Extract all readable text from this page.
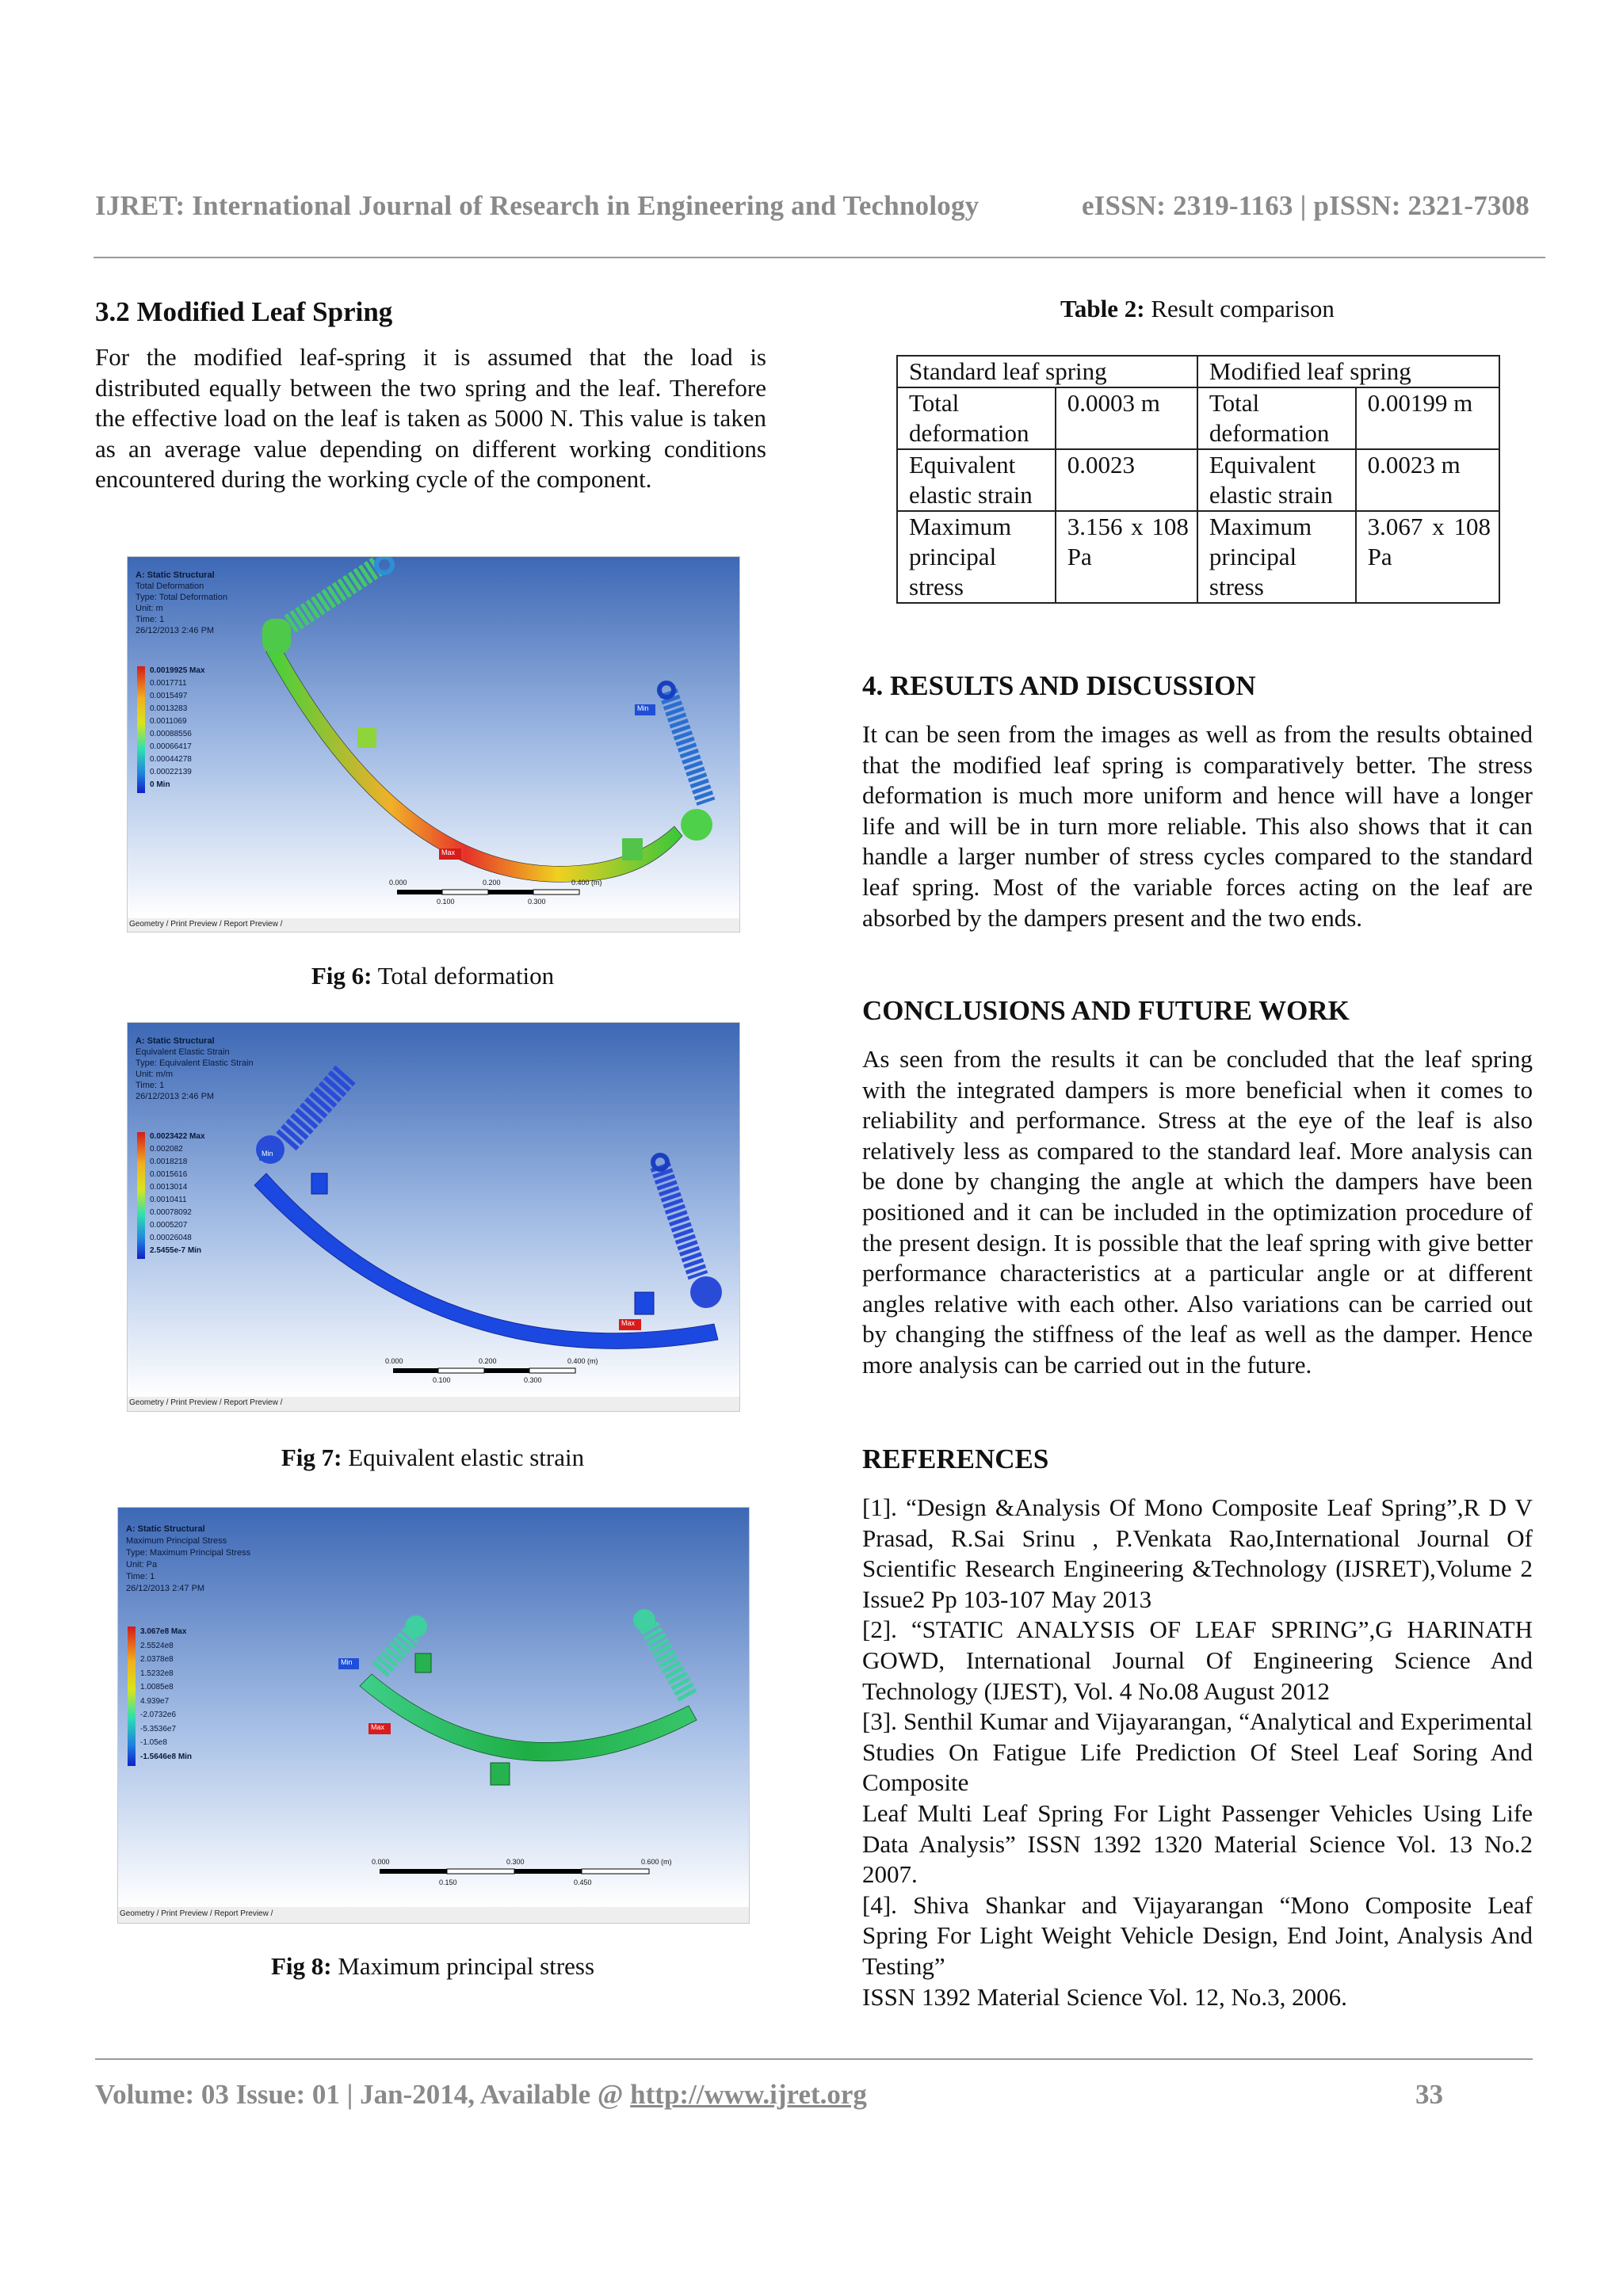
IJRET: International Journal of Research in Engineering and Technology	eISSN: 2319-1163 | pISSN: 2321-7308
3.2 Modified Leaf Spring
For the modified leaf-spring it is assumed that the load is distributed equally between the two spring and the leaf. Therefore the effective load on the leaf is taken as 5000 N. This value is taken as an average value depending on different working conditions encountered during the working cycle of the component.
A: Static Structural
Total Deformation
Type: Total Deformation
Unit: m
Time: 1
26/12/2013 2:46 PM
0.0019925 Max
0.0017711
0.0015497
0.0013283
0.0011069
0.00088556
0.00066417
0.00044278
0.00022139
0 Min
Min
Max
0.000	0.200	0.400 (m)
0.100	0.300
Geometry / Print Preview / Report Preview /
Fig 6: Total deformation
A: Static Structural
Equivalent Elastic Strain
Type: Equivalent Elastic Strain
Unit: m/m
Time: 1
26/12/2013 2:46 PM
0.0023422 Max
0.002082
0.0018218
0.0015616
0.0013014
0.0010411
0.00078092
0.0005207
0.00026048
2.5455e-7 Min
Min
Max
0.000	0.200	0.400 (m)
0.100	0.300
Geometry / Print Preview / Report Preview /
Fig 7: Equivalent elastic strain
A: Static Structural
Maximum Principal Stress
Type: Maximum Principal Stress
Unit: Pa
Time: 1
26/12/2013 2:47 PM
3.067e8 Max
2.5524e8
2.0378e8
1.5232e8
1.0085e8
4.939e7
-2.0732e6
-5.3536e7
-1.05e8
-1.5646e8 Min
Min
Max
0.000	0.300	0.600 (m)
0.150	0.450
Geometry / Print Preview / Report Preview /
Fig 8: Maximum principal stress
Table 2: Result comparison
Standard leaf spring		Modified leaf spring	
Total deformation	0.0003 m	Total deformation	0.00199 m
Equivalent elastic strain	0.0023	Equivalent elastic strain	0.0023 m
Maximum principal stress	3.156 x 108 Pa	Maximum principal stress	3.067 x 108 Pa
4. RESULTS AND DISCUSSION
It can be seen from the images as well as from the results obtained that the modified leaf spring is comparatively better. The stress deformation is much more uniform and hence will have a longer life and will be in turn more reliable. This also shows that it can handle a larger number of stress cycles compared to the standard leaf spring. Most of the variable forces acting on the leaf are absorbed by the dampers present and the two ends.
CONCLUSIONS AND FUTURE WORK
As seen from the results it can be concluded that the leaf spring with the integrated dampers is more beneficial when it comes to reliability and performance. Stress at the eye of the leaf is also relatively less as compared to the standard leaf. More analysis can be done by changing the angle at which the dampers have been positioned and it can be included in the optimization procedure of the present design. It is possible that the leaf spring with give better performance characteristics at a particular angle or at different angles relative with each other. Also variations can be carried out by changing the stiffness of the leaf as well as the damper. Hence more analysis can be carried out in the future.
REFERENCES
[1]. “Design &Analysis Of Mono Composite Leaf Spring”,R D V Prasad, R.Sai Srinu , P.Venkata Rao,International Journal Of Scientific Research Engineering &Technology (IJSRET),Volume 2 Issue2 Pp 103-107 May 2013
[2]. “STATIC ANALYSIS OF LEAF SPRING”,G HARINATH GOWD, International Journal Of Engineering Science And Technology (IJEST), Vol. 4 No.08 August 2012
[3]. Senthil Kumar and Vijayarangan, “Analytical and Experimental Studies On Fatigue Life Prediction Of Steel Leaf Soring And Composite
Leaf Multi Leaf Spring For Light Passenger Vehicles Using Life Data Analysis” ISSN 1392 1320 Material Science Vol. 13 No.2 2007.
[4]. Shiva Shankar and Vijayarangan “Mono Composite Leaf Spring For Light Weight Vehicle Design, End Joint, Analysis And Testing”
ISSN 1392 Material Science Vol. 12, No.3, 2006.
Volume: 03 Issue: 01 | Jan-2014, Available @ http://www.ijret.org	33
